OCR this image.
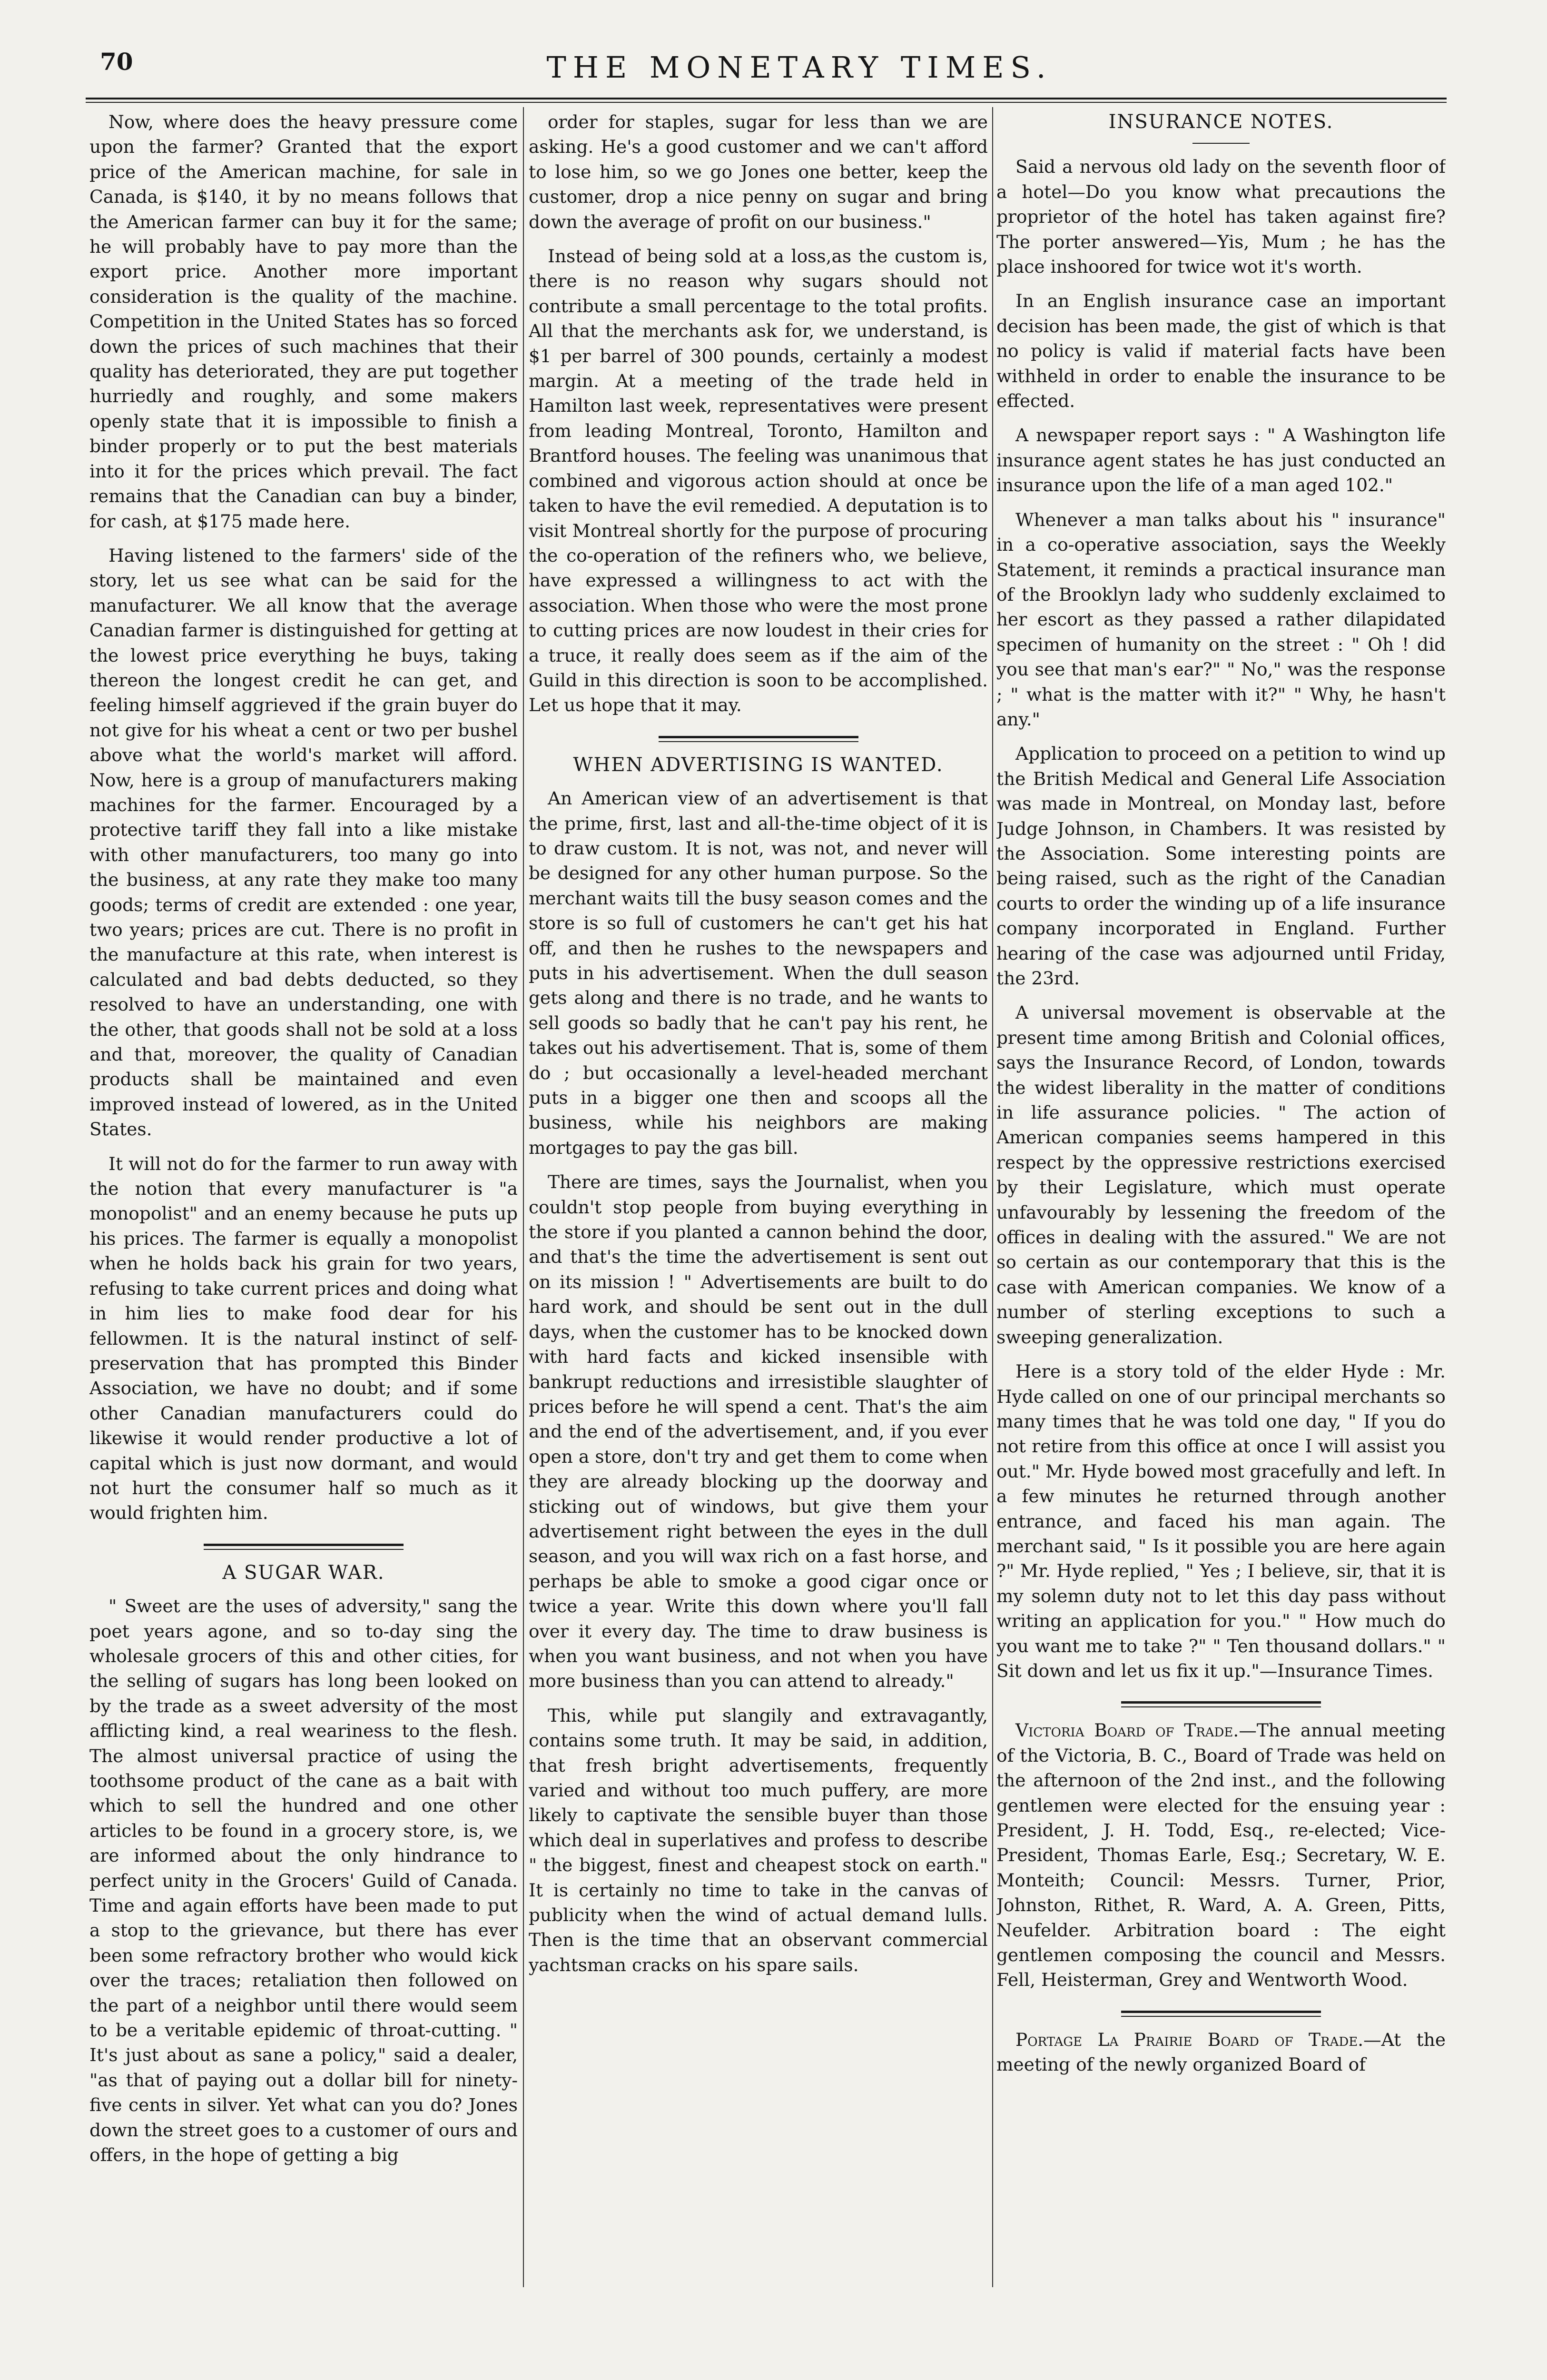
70	THE MONETARY TIMES.

Now, where does the heavy pressure come upon the farmer? Granted that the export price of the American machine, for sale in Canada, is $140, it by no means follows that the American farmer can buy it for the same; he will probably have to pay more than the export price. Another more important consideration is the quality of the machine. Competition in the United States has so forced down the prices of such machines that their quality has deteriorated, they are put together hurriedly and roughly, and some makers openly state that it is impossible to finish a binder properly or to put the best materials into it for the prices which prevail. The fact remains that the Canadian can buy a binder, for cash, at $175 made here.

Having listened to the farmers' side of the story, let us see what can be said for the manufacturer. We all know that the average Canadian farmer is distinguished for getting at the lowest price everything he buys, taking thereon the longest credit he can get, and feeling himself aggrieved if the grain buyer do not give for his wheat a cent or two per bushel above what the world's market will afford. Now, here is a group of manufacturers making machines for the farmer. Encouraged by a protective tariff they fall into a like mistake with other manufacturers, too many go into the business, at any rate they make too many goods; terms of credit are extended : one year, two years; prices are cut. There is no profit in the manufacture at this rate, when interest is calculated and bad debts deducted, so they resolved to have an understanding, one with the other, that goods shall not be sold at a loss and that, moreover, the quality of Canadian products shall be maintained and even improved instead of lowered, as in the United States.

It will not do for the farmer to run away with the notion that every manufacturer is "a monopolist" and an enemy because he puts up his prices. The farmer is equally a monopolist when he holds back his grain for two years, refusing to take current prices and doing what in him lies to make food dear for his fellowmen. It is the natural instinct of self-preservation that has prompted this Binder Association, we have no doubt; and if some other Canadian manufacturers could do likewise it would render productive a lot of capital which is just now dormant, and would not hurt the consumer half so much as it would frighten him.

A SUGAR WAR.

" Sweet are the uses of adversity," sang the poet years agone, and so to-day sing the wholesale grocers of this and other cities, for the selling of sugars has long been looked on by the trade as a sweet adversity of the most afflicting kind, a real weariness to the flesh. The almost universal practice of using the toothsome product of the cane as a bait with which to sell the hundred and one other articles to be found in a grocery store, is, we are informed about the only hindrance to perfect unity in the Grocers' Guild of Canada. Time and again efforts have been made to put a stop to the grievance, but there has ever been some refractory brother who would kick over the traces; retaliation then followed on the part of a neighbor until there would seem to be a veritable epidemic of throat-cutting. " It's just about as sane a policy," said a dealer, "as that of paying out a dollar bill for ninety-five cents in silver. Yet what can you do? Jones down the street goes to a customer of ours and offers, in the hope of getting a big

order for staples, sugar for less than we are asking. He's a good customer and we can't afford to lose him, so we go Jones one better, keep the customer, drop a nice penny on sugar and bring down the average of profit on our business."

Instead of being sold at a loss,as the custom is, there is no reason why sugars should not contribute a small percentage to the total profits. All that the merchants ask for, we understand, is $1 per barrel of 300 pounds, certainly a modest margin. At a meeting of the trade held in Hamilton last week, representatives were present from leading Montreal, Toronto, Hamilton and Brantford houses. The feeling was unanimous that combined and vigorous action should at once be taken to have the evil remedied. A deputation is to visit Montreal shortly for the purpose of procuring the co-operation of the refiners who, we believe, have expressed a willingness to act with the association. When those who were the most prone to cutting prices are now loudest in their cries for a truce, it really does seem as if the aim of the Guild in this direction is soon to be accomplished. Let us hope that it may.

WHEN ADVERTISING IS WANTED.

An American view of an advertisement is that the prime, first, last and all-the-time object of it is to draw custom. It is not, was not, and never will be designed for any other human purpose. So the merchant waits till the busy season comes and the store is so full of customers he can't get his hat off, and then he rushes to the newspapers and puts in his advertisement. When the dull season gets along and there is no trade, and he wants to sell goods so badly that he can't pay his rent, he takes out his advertisement. That is, some of them do ; but occasionally a level-headed merchant puts in a bigger one then and scoops all the business, while his neighbors are making mortgages to pay the gas bill.

There are times, says the Journalist, when you couldn't stop people from buying everything in the store if you planted a cannon behind the door, and that's the time the advertisement is sent out on its mission ! " Advertisements are built to do hard work, and should be sent out in the dull days, when the customer has to be knocked down with hard facts and kicked insensible with bankrupt reductions and irresistible slaughter of prices before he will spend a cent. That's the aim and the end of the advertisement, and, if you ever open a store, don't try and get them to come when they are already blocking up the doorway and sticking out of windows, but give them your advertisement right between the eyes in the dull season, and you will wax rich on a fast horse, and perhaps be able to smoke a good cigar once or twice a year. Write this down where you'll fall over it every day. The time to draw business is when you want business, and not when you have more business than you can attend to already."

This, while put slangily and extravagantly, contains some truth. It may be said, in addition, that fresh bright advertisements, frequently varied and without too much puffery, are more likely to captivate the sensible buyer than those which deal in superlatives and profess to describe " the biggest, finest and cheapest stock on earth." It is certainly no time to take in the canvas of publicity when the wind of actual demand lulls. Then is the time that an observant commercial yachtsman cracks on his spare sails.

INSURANCE NOTES.

Said a nervous old lady on the seventh floor of a hotel—Do you know what precautions the proprietor of the hotel has taken against fire? The porter answered—Yis, Mum ; he has the place inshoored for twice wot it's worth.

In an English insurance case an important decision has been made, the gist of which is that no policy is valid if material facts have been withheld in order to enable the insurance to be effected.

A newspaper report says : " A Washington life insurance agent states he has just conducted an insurance upon the life of a man aged 102."

Whenever a man talks about his " insurance" in a co-operative association, says the Weekly Statement, it reminds a practical insurance man of the Brooklyn lady who suddenly exclaimed to her escort as they passed a rather dilapidated specimen of humanity on the street : " Oh ! did you see that man's ear?" " No," was the response ; " what is the matter with it?" " Why, he hasn't any."

Application to proceed on a petition to wind up the British Medical and General Life Association was made in Montreal, on Monday last, before Judge Johnson, in Chambers. It was resisted by the Association. Some interesting points are being raised, such as the right of the Canadian courts to order the winding up of a life insurance company incorporated in England. Further hearing of the case was adjourned until Friday, the 23rd.

A universal movement is observable at the present time among British and Colonial offices, says the Insurance Record, of London, towards the widest liberality in the matter of conditions in life assurance policies. " The action of American companies seems hampered in this respect by the oppressive restrictions exercised by their Legislature, which must operate unfavourably by lessening the freedom of the offices in dealing with the assured." We are not so certain as our contemporary that this is the case with American companies. We know of a number of sterling exceptions to such a sweeping generalization.

Here is a story told of the elder Hyde : Mr. Hyde called on one of our principal merchants so many times that he was told one day, " If you do not retire from this office at once I will assist you out." Mr. Hyde bowed most gracefully and left. In a few minutes he returned through another entrance, and faced his man again. The merchant said, " Is it possible you are here again ?" Mr. Hyde replied, " Yes ; I believe, sir, that it is my solemn duty not to let this day pass without writing an application for you." " How much do you want me to take ?" " Ten thousand dollars." " Sit down and let us fix it up."—Insurance Times.

Victoria Board of Trade.—The annual meeting of the Victoria, B. C., Board of Trade was held on the afternoon of the 2nd inst., and the following gentlemen were elected for the ensuing year : President, J. H. Todd, Esq., re-elected; Vice-President, Thomas Earle, Esq.; Secretary, W. E. Monteith; Council: Messrs. Turner, Prior, Johnston, Rithet, R. Ward, A. A. Green, Pitts, Neufelder. Arbitration board : The eight gentlemen composing the council and Messrs. Fell, Heisterman, Grey and Wentworth Wood.

Portage La Prairie Board of Trade.—At the meeting of the newly organized Board of
